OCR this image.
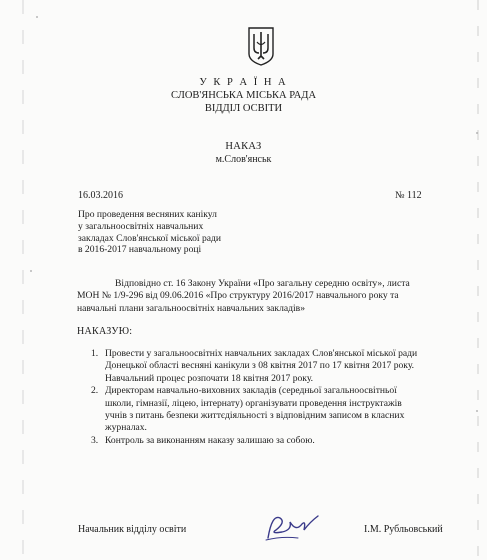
У К Р А Ї Н А
СЛОВ'ЯНСЬКА МІСЬКА РАДА
ВІДДІЛ ОСВІТИ
НАКАЗ
м.Слов'янськ
16.03.2016	№ 112
Про проведення весняних канікул
у загальноосвітніх навчальних
закладах Слов'янської міської ради
в 2016-2017 навчальному році
Відповідно ст. 16 Закону України «Про загальну середню освіту», листа
МОН № 1/9-296 від 09.06.2016 «Про структуру 2016/2017 навчального року та
навчальні плани загальноосвітніх навчальних закладів»
НАКАЗУЮ:
1. Провести у загальноосвітніх навчальних закладах Слов'янської міської ради
Донецької області весняні канікули з 08 квітня 2017 по 17 квітня 2017 року.
Навчальний процес розпочати 18 квітня 2017 року.
2. Директорам навчально-виховних закладів (середньої загальноосвітньої
школи, гімназії, ліцею, інтернату) організувати проведення інструктажів
учнів з питань безпеки життєдіяльності з відповідним записом в класних
журналах.
3. Контроль за виконанням наказу залишаю за собою.
Начальник відділу освіти	І.М. Рубльовський
